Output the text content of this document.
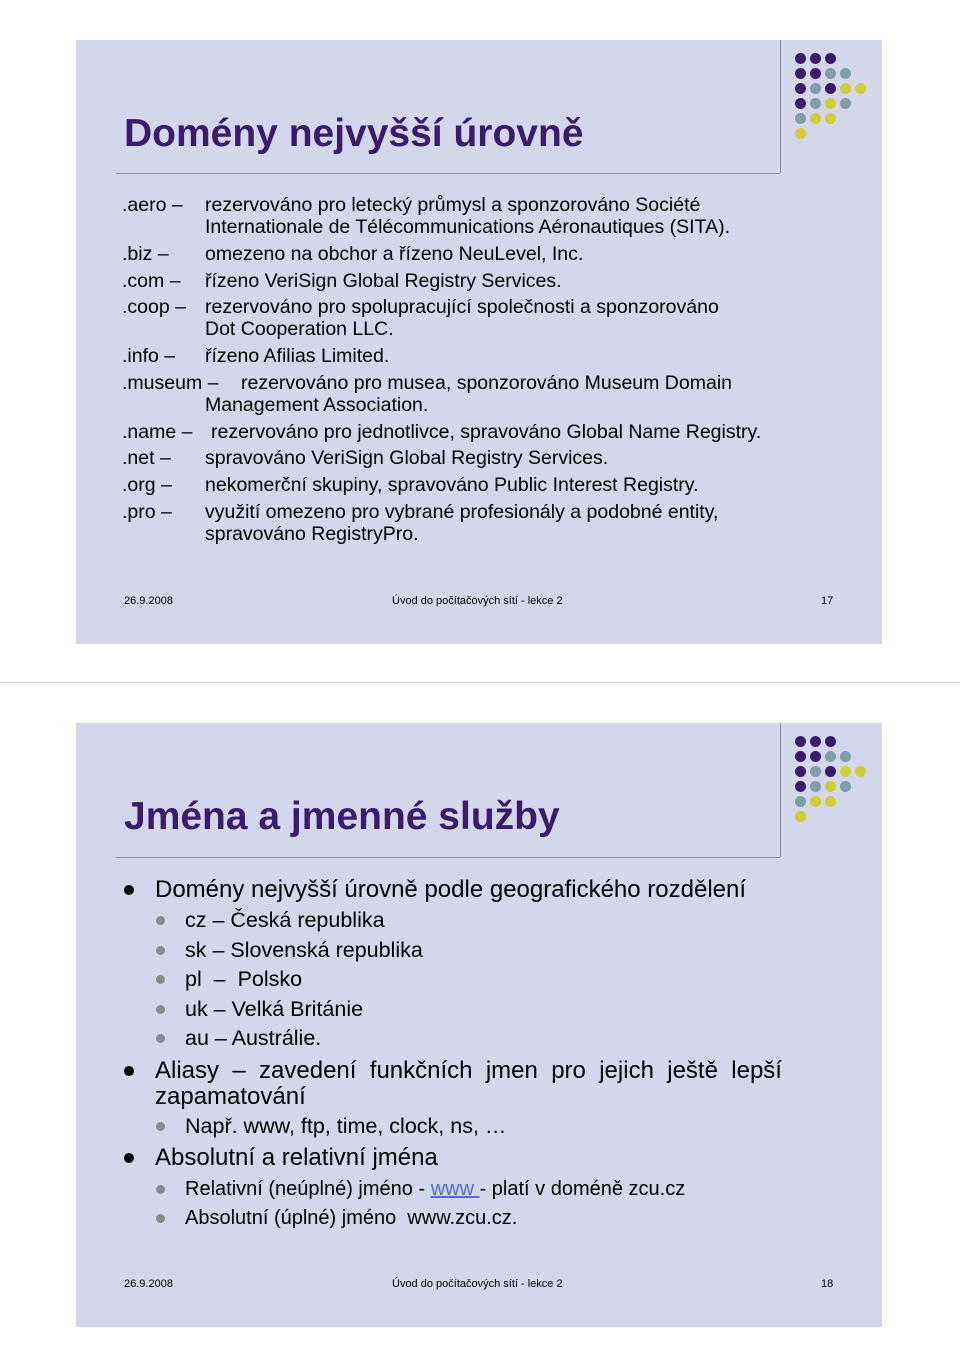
Domény nejvyšší úrovně
.aero – rezervováno pro letecký průmysl a sponzorováno Société
Internationale de Télécommunications Aéronautiques (SITA).
.biz – omezeno na obchor a řízeno NeuLevel, Inc.
.com – řízeno VeriSign Global Registry Services.
.coop – rezervováno pro spolupracující společnosti a sponzorováno
Dot Cooperation LLC.
.info – řízeno Afilias Limited.
.museum – rezervováno pro musea, sponzorováno Museum Domain
Management Association.
.name – rezervováno pro jednotlivce, spravováno Global Name Registry.
.net – spravováno VeriSign Global Registry Services.
.org – nekomerční skupiny, spravováno Public Interest Registry.
.pro – využití omezeno pro vybrané profesionály a podobné entity,
spravováno RegistryPro.
26.9.2008	Úvod do počítačových sítí - lekce 2	17
Jména a jmenné služby
Domény nejvyšší úrovně podle geografického rozdělení
cz – Česká republika
sk – Slovenská republika
pl  –  Polsko
uk – Velká Británie
au – Austrálie.
Aliasy  –  zavedení  funkčních  jmen  pro  jejich  ještě  lepší
zapamatování
Např. www, ftp, time, clock, ns, …
Absolutní a relativní jména
Relativní (neúplné) jméno - www - platí v doméně zcu.cz
Absolutní (úplné) jméno  www.zcu.cz.
26.9.2008	Úvod do počítačových sítí - lekce 2	18
